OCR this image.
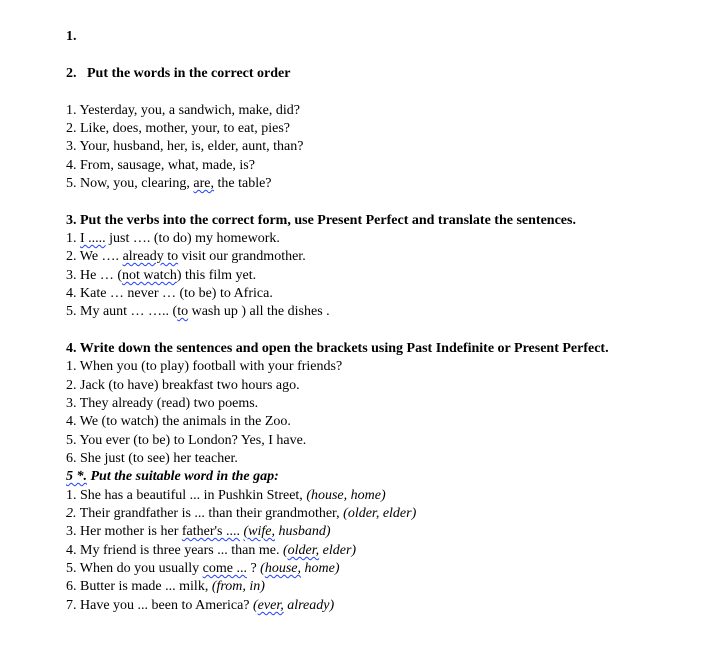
1.
2. Put the words in the correct order
1. Yesterday, you, a sandwich, make, did?
2. Like, does, mother, your, to eat, pies?
3. Your, husband, her, is, elder, aunt, than?
4. From, sausage, what, made, is?
5. Now, you, clearing, are, the table?
3. Put the verbs into the correct form, use Present Perfect and translate the sentences.
1. I ..... just …. (to do) my homework.
2. We …. already to visit our grandmother.
3. He … (not watch) this film yet.
4. Kate … never … (to be) to Africa.
5. My aunt … ….. (to wash up ) all the dishes .
4. Write down the sentences and open the brackets using Past Indefinite or Present Perfect.
1. When you (to play) football with your friends?
2. Jack (to have) breakfast two hours ago.
3. They already (read) two poems.
4. We (to watch) the animals in the Zoo.
5. You ever (to be) to London? Yes, I have.
6. She just (to see) her teacher.
5 *. Put the suitable word in the gap:
1. She has a beautiful ... in Pushkin Street, (house, home)
2. Their grandfather is ... than their grandmother, (older, elder)
3. Her mother is her father's .... (wife, husband)
4. My friend is three years ... than me. (older, elder)
5. When do you usually come ... ? (house, home)
6. Butter is made ... milk, (from, in)
7. Have you ... been to America? (ever, already)
